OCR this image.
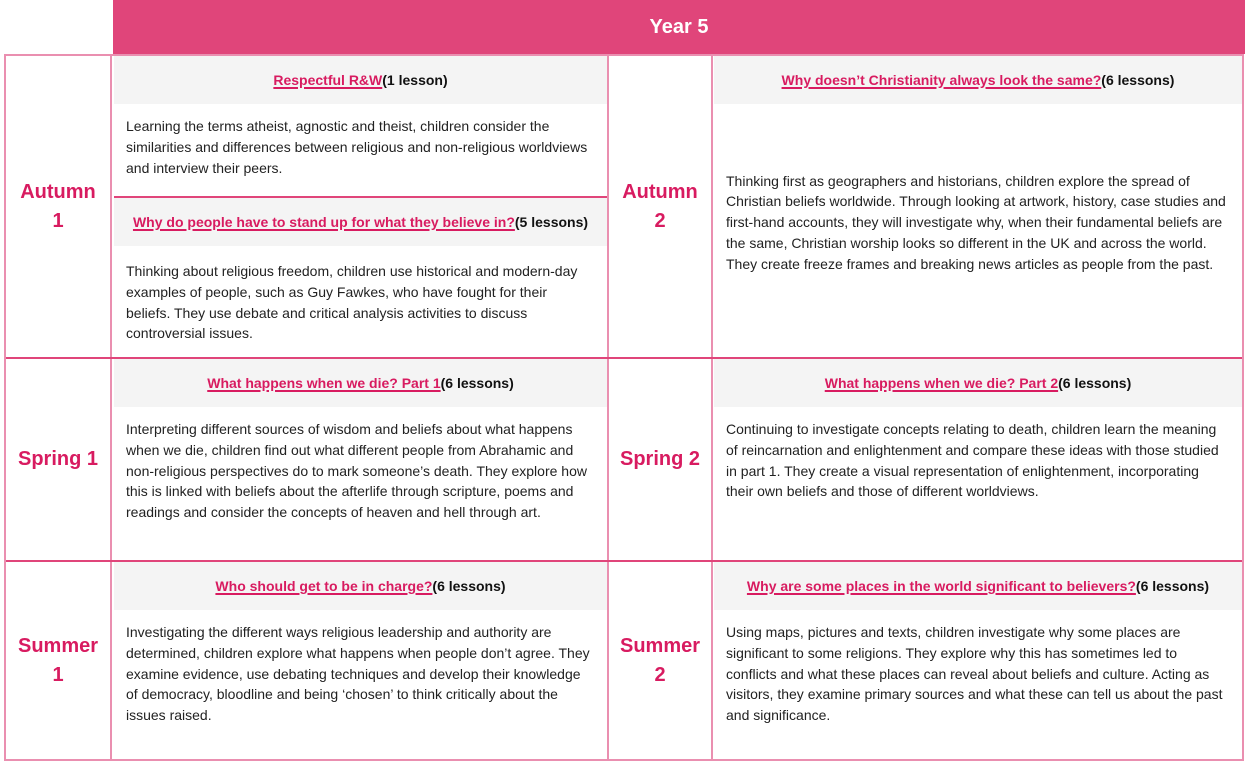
Year 5
Autumn 1
Respectful R&W (1 lesson)
Learning the terms atheist, agnostic and theist, children consider the similarities and differences between religious and non-religious worldviews and interview their peers.
Why do people have to stand up for what they believe in? (5 lessons)
Thinking about religious freedom, children use historical and modern-day examples of people, such as Guy Fawkes, who have fought for their beliefs. They use debate and critical analysis activities to discuss controversial issues.
Autumn 2
Why doesn’t Christianity always look the same? (6 lessons)
Thinking first as geographers and historians, children explore the spread of Christian beliefs worldwide. Through looking at artwork, history, case studies and first-hand accounts, they will investigate why, when their fundamental beliefs are the same, Christian worship looks so different in the UK and across the world. They create freeze frames and breaking news articles as people from the past.
Spring 1
What happens when we die? Part 1 (6 lessons)
Interpreting different sources of wisdom and beliefs about what happens when we die, children find out what different people from Abrahamic and non-religious perspectives do to mark someone’s death. They explore how this is linked with beliefs about the afterlife through scripture, poems and readings and consider the concepts of heaven and hell through art.
Spring 2
What happens when we die? Part 2 (6 lessons)
Continuing to investigate concepts relating to death, children learn the meaning of reincarnation and enlightenment and compare these ideas with those studied in part 1. They create a visual representation of enlightenment, incorporating their own beliefs and those of different worldviews.
Summer 1
Who should get to be in charge? (6 lessons)
Investigating the different ways religious leadership and authority are determined, children explore what happens when people don’t agree. They examine evidence, use debating techniques and develop their knowledge of democracy, bloodline and being ‘chosen’ to think critically about the issues raised.
Summer 2
Why are some places in the world significant to believers? (6 lessons)
Using maps, pictures and texts, children investigate why some places are significant to some religions. They explore why this has sometimes led to conflicts and what these places can reveal about beliefs and culture. Acting as visitors, they examine primary sources and what these can tell us about the past and significance.
